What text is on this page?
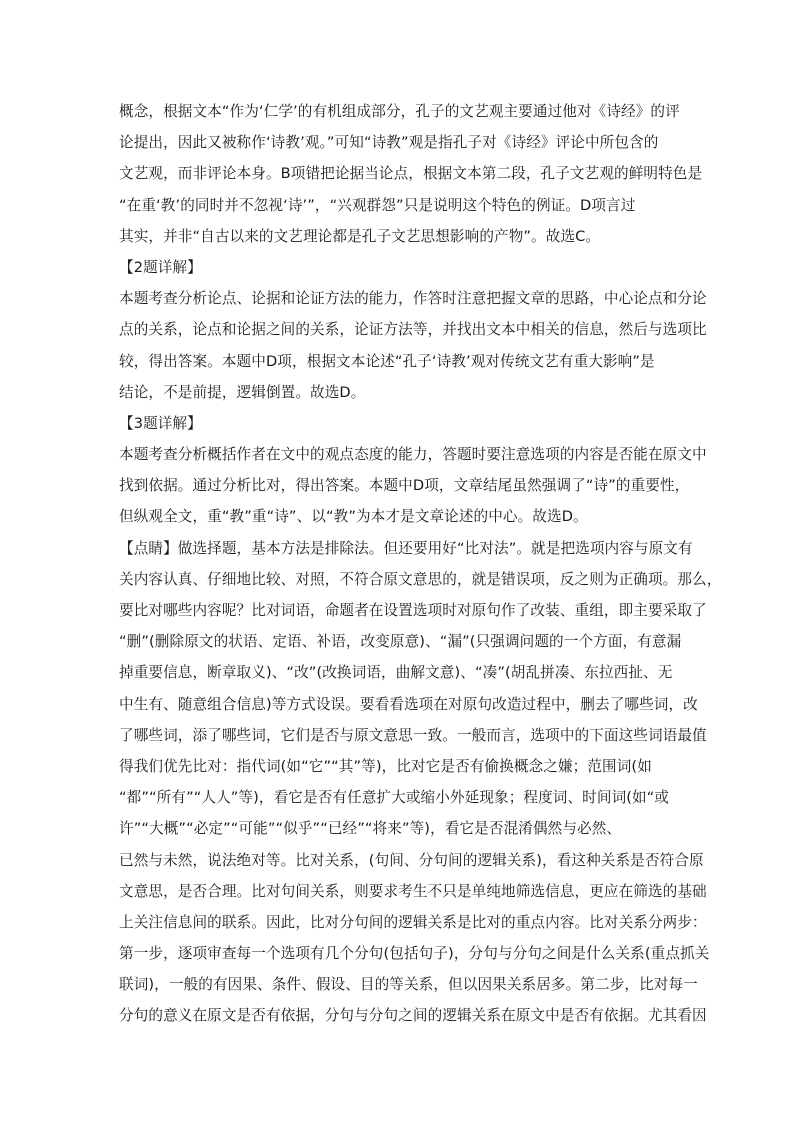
概念，根据文本“作为‘仁学’的有机组成部分，孔子的文艺观主要通过他对《诗经》的评
论提出，因此又被称作‘诗教’观。”可知“诗教”观是指孔子对《诗经》评论中所包含的
文艺观，而非评论本身。B项错把论据当论点，根据文本第二段，孔子文艺观的鲜明特色是
“在重‘教’的同时并不忽视‘诗’”，“兴观群怨”只是说明这个特色的例证。D项言过
其实，并非“自古以来的文艺理论都是孔子文艺思想影响的产物”。故选C。
【2题详解】
本题考查分析论点、论据和论证方法的能力，作答时注意把握文章的思路，中心论点和分论
点的关系，论点和论据之间的关系，论证方法等，并找出文本中相关的信息，然后与选项比
较，得出答案。本题中D项，根据文本论述“孔子‘诗教’观对传统文艺有重大影响”是
结论，不是前提，逻辑倒置。故选D。
【3题详解】
本题考查分析概括作者在文中的观点态度的能力，答题时要注意选项的内容是否能在原文中
找到依据。通过分析比对，得出答案。本题中D项，文章结尾虽然强调了“诗”的重要性，
但纵观全文，重“教”重“诗”、以“教”为本才是文章论述的中心。故选D。
【点睛】做选择题，基本方法是排除法。但还要用好“比对法”。就是把选项内容与原文有
关内容认真、仔细地比较、对照，不符合原文意思的，就是错误项，反之则为正确项。那么，
要比对哪些内容呢？比对词语，命题者在设置选项时对原句作了改装、重组，即主要采取了
“删”(删除原文的状语、定语、补语，改变原意)、“漏”(只强调问题的一个方面，有意漏
掉重要信息，断章取义)、“改”(改换词语，曲解文意)、“凑”(胡乱拼凑、东拉西扯、无
中生有、随意组合信息)等方式设误。要看看选项在对原句改造过程中，删去了哪些词，改
了哪些词，添了哪些词，它们是否与原文意思一致。一般而言，选项中的下面这些词语最值
得我们优先比对：指代词(如“它”“其”等)，比对它是否有偷换概念之嫌；范围词(如
“都”“所有”“人人”等)，看它是否有任意扩大或缩小外延现象；程度词、时间词(如“或
许”“大概”“必定”“可能”“似乎”“已经”“将来”等)，看它是否混淆偶然与必然、
已然与未然，说法绝对等。比对关系，(句间、分句间的逻辑关系)，看这种关系是否符合原
文意思，是否合理。比对句间关系，则要求考生不只是单纯地筛选信息，更应在筛选的基础
上关注信息间的联系。因此，比对分句间的逻辑关系是比对的重点内容。比对关系分两步：
第一步，逐项审查每一个选项有几个分句(包括句子)，分句与分句之间是什么关系(重点抓关
联词)，一般的有因果、条件、假设、目的等关系，但以因果关系居多。第二步，比对每一
分句的意义在原文是否有依据，分句与分句之间的逻辑关系在原文中是否有依据。尤其看因
